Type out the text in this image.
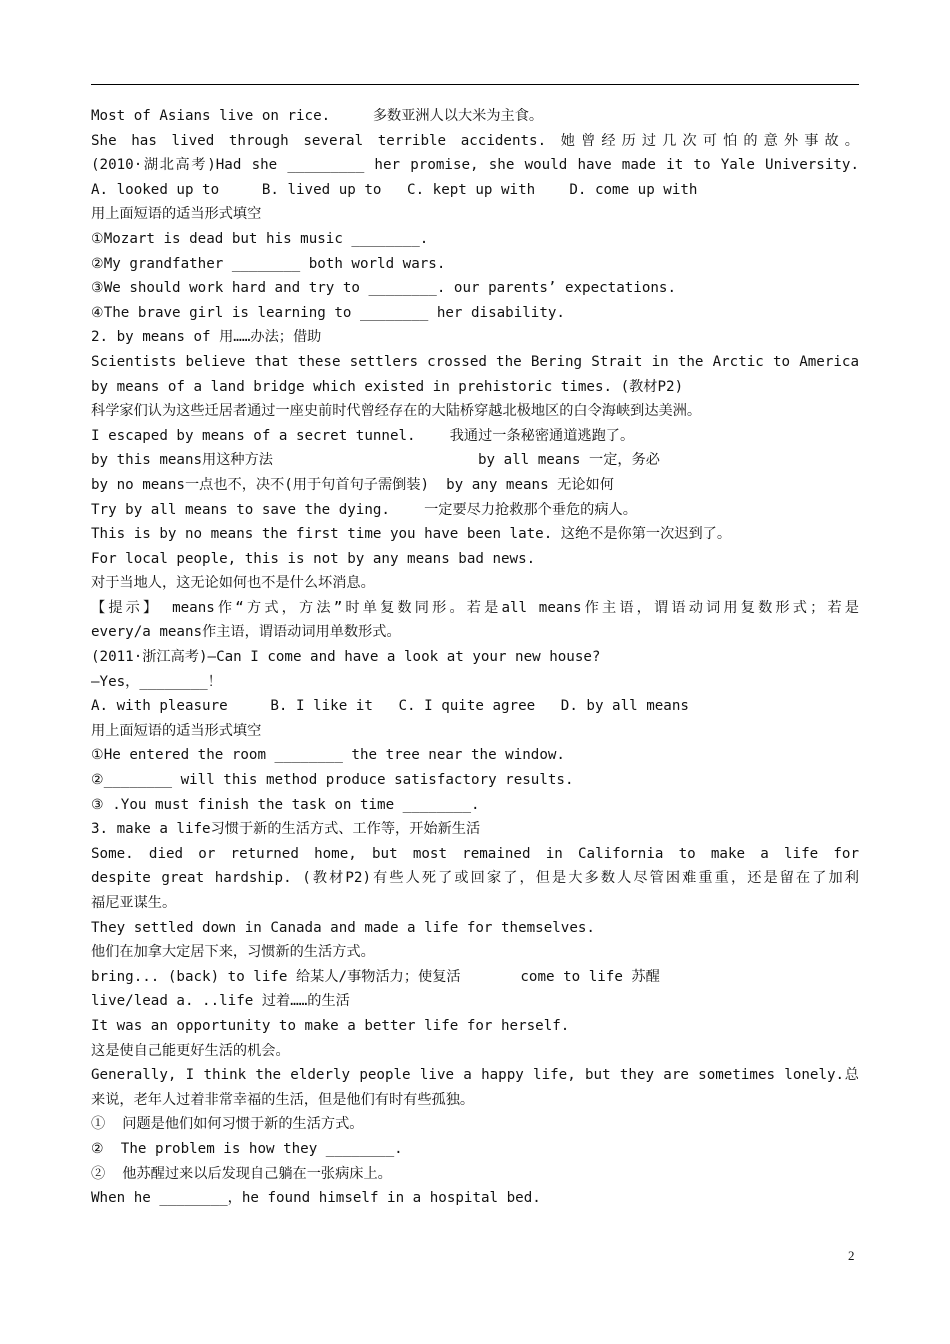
Most of Asians live on rice.     多数亚洲人以大米为主食。
She has lived through several terrible accidents. 她曾经历过几次可怕的意外事故。
(2010·湖北高考)Had she _________ her promise, she would have made it to Yale University.
A. looked up to     B. lived up to   C. kept up with    D. come up with
用上面短语的适当形式填空
①Mozart is dead but his music ________.
②My grandfather ________ both world wars.
③We should work hard and try to ________. our parents’ expectations.
④The brave girl is learning to ________ her disability.
2. by means of 用……办法；借助
Scientists believe that these settlers crossed the Bering Strait in the Arctic to America
by means of a land bridge which existed in prehistoric times. (教材P2)
科学家们认为这些迁居者通过一座史前时代曾经存在的大陆桥穿越北极地区的白令海峡到达美洲。
I escaped by means of a secret tunnel.    我通过一条秘密通道逃跑了。
by this means用这种方法                        by all means 一定，务必
by no means一点也不，决不(用于句首句子需倒装)  by any means 无论如何
Try by all means to save the dying.    一定要尽力抢救那个垂危的病人。
This is by no means the first time you have been late. 这绝不是你第一次迟到了。
For local people, this is not by any means bad news.
对于当地人，这无论如何也不是什么坏消息。
【提示】 means作“方式，方法”时单复数同形。若是all means作主语，谓语动词用复数形式；若是
every/a means作主语，谓语动词用单数形式。
(2011·浙江高考)—Can I come and have a look at your new house?
—Yes，________！
A. with pleasure     B. I like it   C. I quite agree   D. by all means
用上面短语的适当形式填空
①He entered the room ________ the tree near the window.
②________ will this method produce satisfactory results.
③ .You must finish the task on time ________.
3. make a life习惯于新的生活方式、工作等，开始新生活
Some. died or returned home, but most remained in California to make a life for
despite great hardship. (教材P2)有些人死了或回家了，但是大多数人尽管困难重重，还是留在了加利
福尼亚谋生。
They settled down in Canada and made a life for themselves.
他们在加拿大定居下来，习惯新的生活方式。
bring... (back) to life 给某人/事物活力；使复活       come to life 苏醒
live/lead a. ..life 过着……的生活
It was an opportunity to make a better life for herself.
这是使自己能更好生活的机会。
Generally, I think the elderly people live a happy life, but they are sometimes lonely.总
来说，老年人过着非常幸福的生活，但是他们有时有些孤独。
①  问题是他们如何习惯于新的生活方式。
②  The problem is how they ________.
②  他苏醒过来以后发现自己躺在一张病床上。
When he ________，he found himself in a hospital bed.
2
